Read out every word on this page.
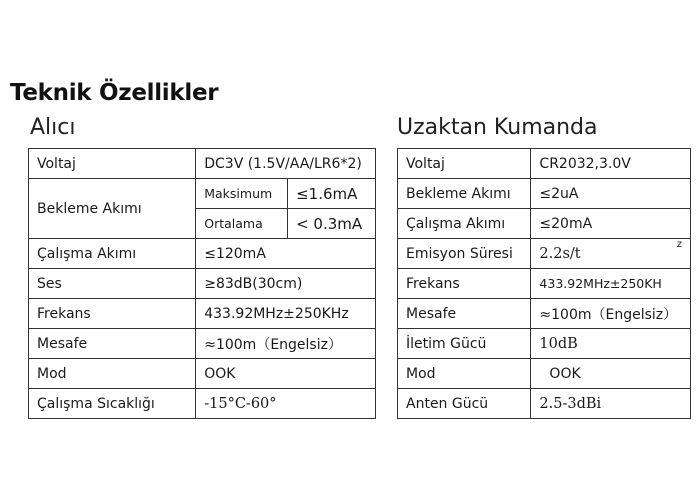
Teknik Özellikler
Alıcı	Uzaktan Kumanda
Voltaj	DC3V (1.5V/AA/LR6*2)	
Bekleme Akımı	Maksimum	≤1.6mA
	Ortalama	< 0.3mA
Çalışma Akımı	≤120mA	
Ses	≥83dB(30cm)	
Frekans	433.92MHz±250KHz	
Mesafe	≈100m（Engelsiz）	
Mod	OOK	
Çalışma Sıcaklığı	-15°C-60°	
Voltaj	CR2032,3.0V	
Bekleme Akımı	≤2uA	
Çalışma Akımı	≤20mA	
Emisyon Süresi	2.2s/t	z
Frekans	433.92MHz±250KH	
Mesafe	≈100m（Engelsiz）	
İletim Gücü	10dB	
Mod	OOK	
Anten Gücü	2.5-3dBi	
